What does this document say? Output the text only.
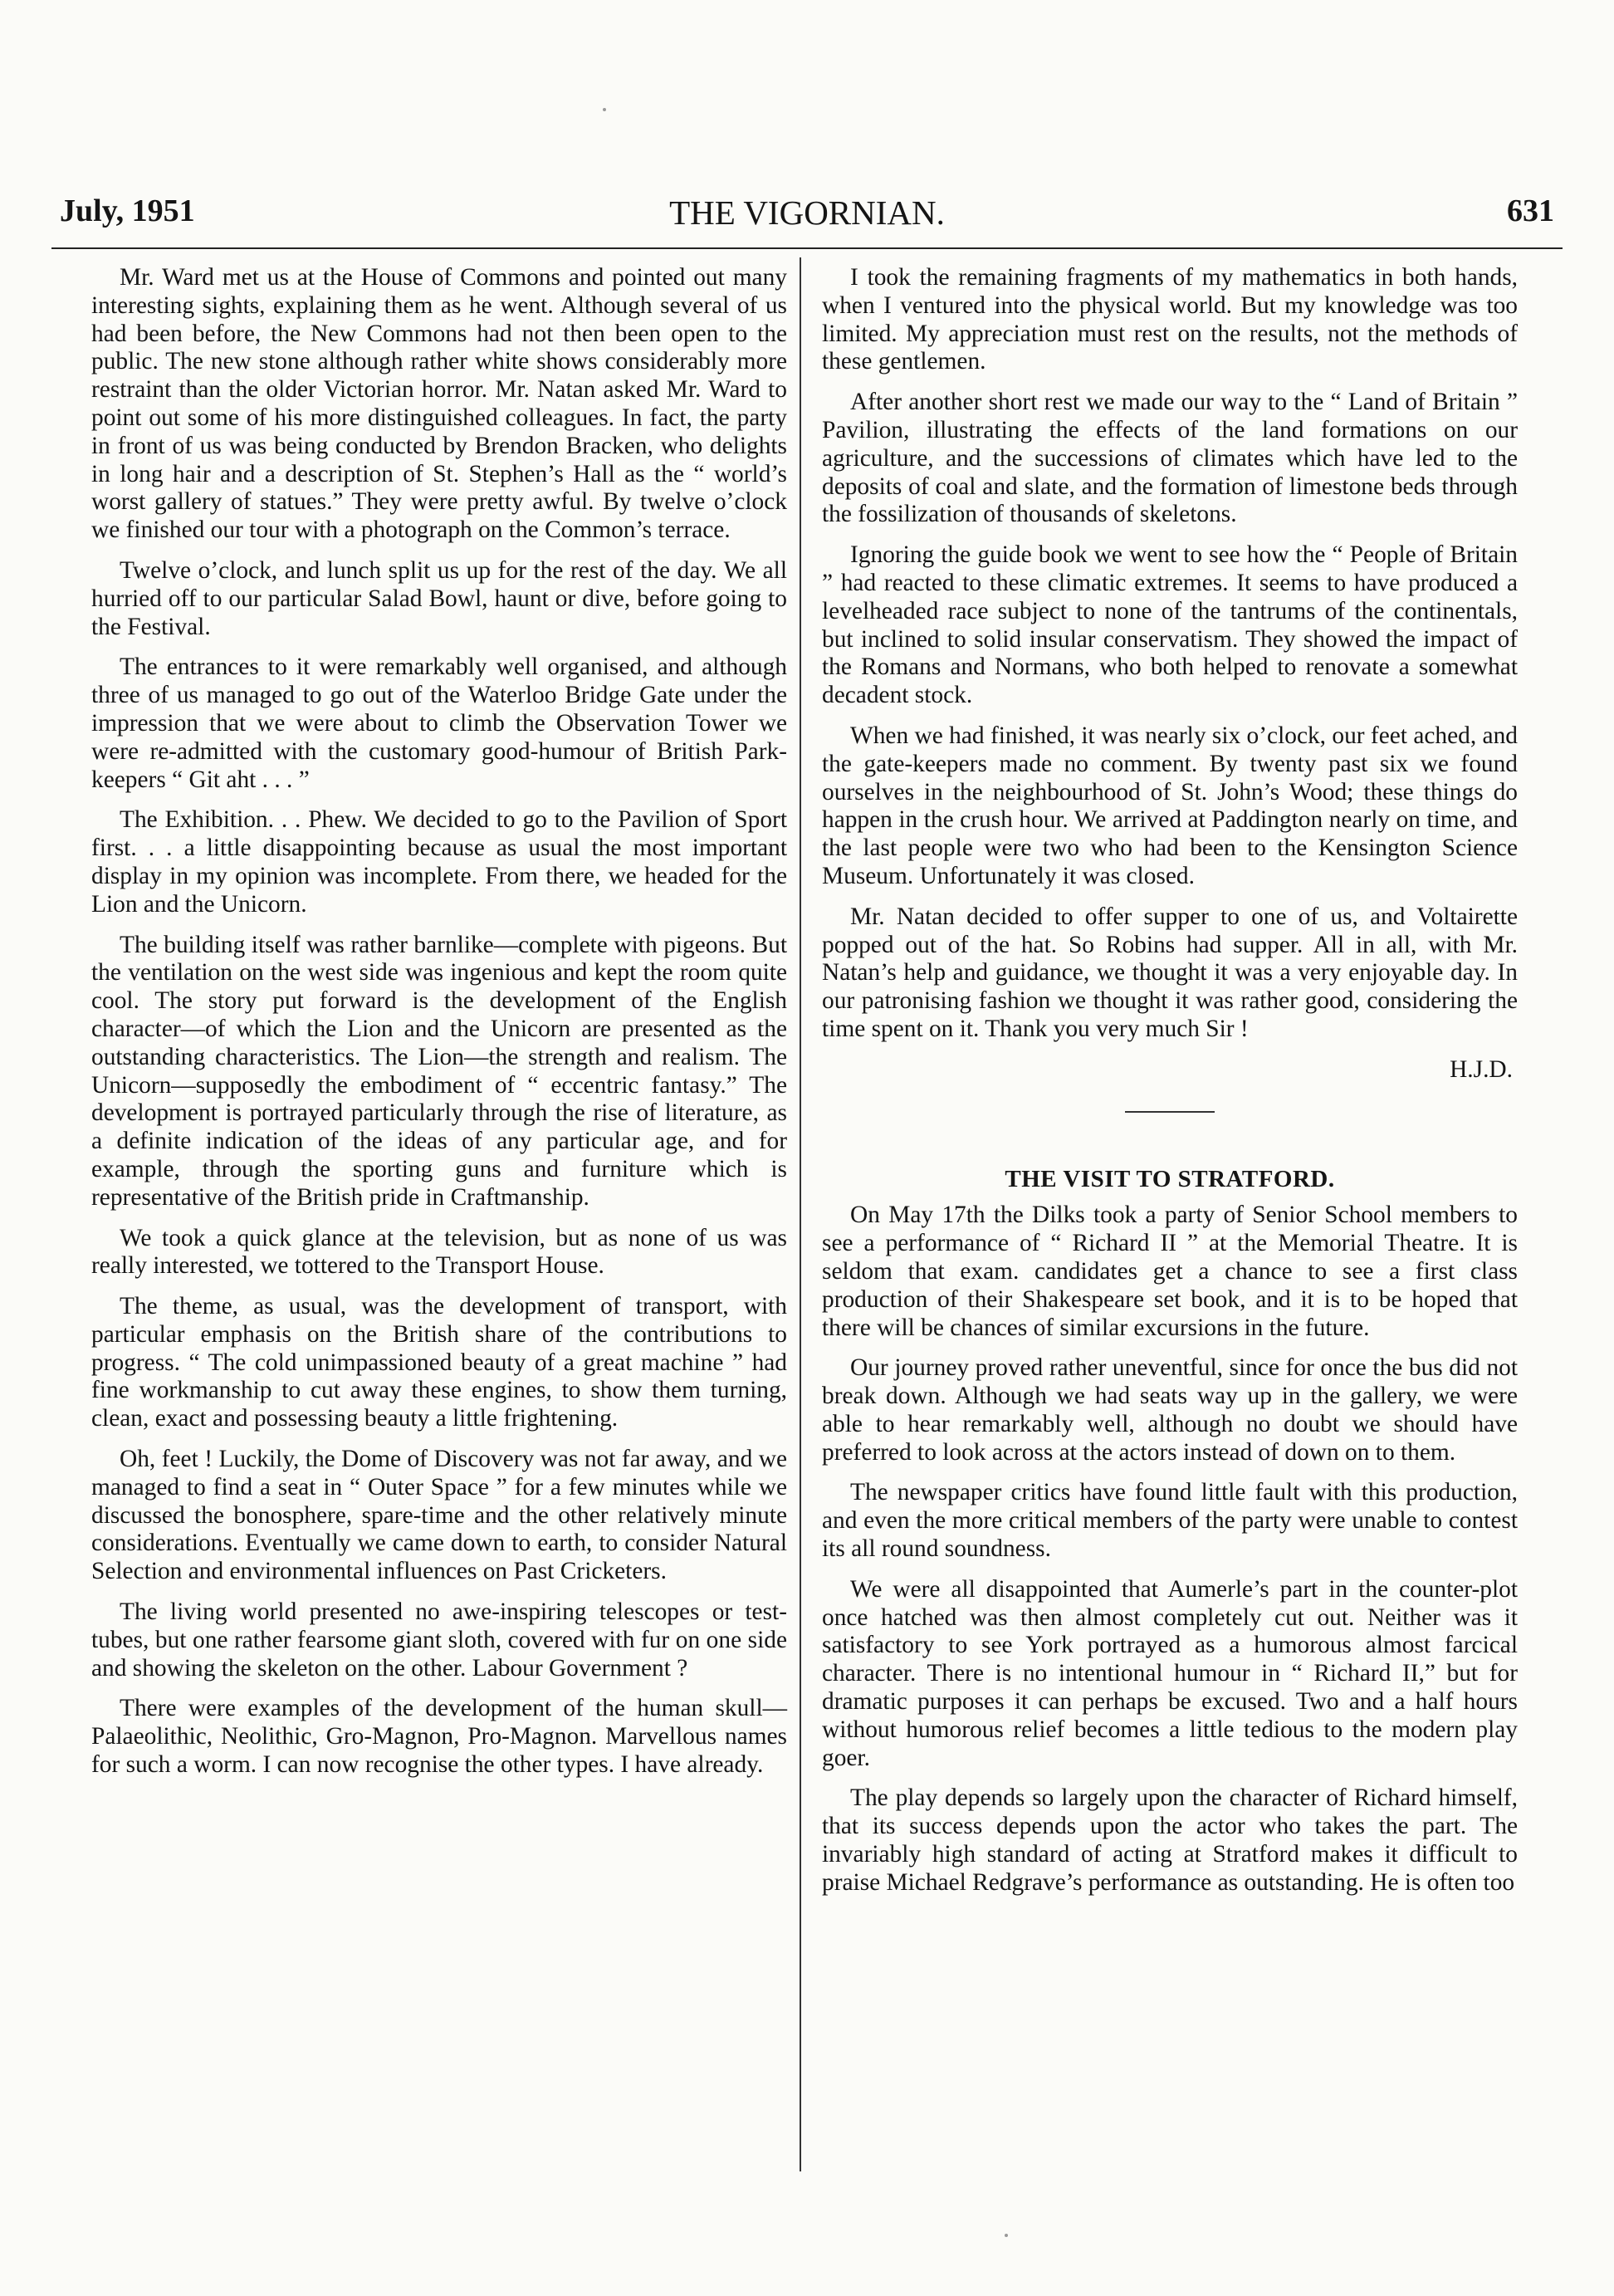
July, 1951	THE VIGORNIAN.	631

Mr. Ward met us at the House of Commons and pointed out many interesting sights, explaining them as he went. Although several of us had been before, the New Commons had not then been open to the public. The new stone although rather white shows considerably more restraint than the older Victorian horror. Mr. Natan asked Mr. Ward to point out some of his more distinguished colleagues. In fact, the party in front of us was being conducted by Brendon Bracken, who delights in long hair and a description of St. Stephen’s Hall as the “ world’s worst gallery of statues.” They were pretty awful. By twelve o’clock we finished our tour with a photograph on the Common’s terrace.

Twelve o’clock, and lunch split us up for the rest of the day. We all hurried off to our particular Salad Bowl, haunt or dive, before going to the Festival.

The entrances to it were remarkably well organised, and although three of us managed to go out of the Waterloo Bridge Gate under the impression that we were about to climb the Observation Tower we were re-admitted with the customary good-humour of British Park-keepers “ Git aht . . . ”

The Exhibition. . . Phew. We decided to go to the Pavilion of Sport first. . . a little disappointing because as usual the most important display in my opinion was incomplete. From there, we headed for the Lion and the Unicorn.

The building itself was rather barnlike—complete with pigeons. But the ventilation on the west side was ingenious and kept the room quite cool. The story put forward is the development of the English character—of which the Lion and the Unicorn are presented as the outstanding characteristics. The Lion—the strength and realism. The Unicorn—supposedly the embodiment of “ eccentric fantasy.” The development is portrayed particularly through the rise of literature, as a definite indication of the ideas of any particular age, and for example, through the sporting guns and furniture which is representative of the British pride in Craftmanship.

We took a quick glance at the television, but as none of us was really interested, we tottered to the Transport House.

The theme, as usual, was the development of transport, with particular emphasis on the British share of the contributions to progress. “ The cold unimpassioned beauty of a great machine ” had fine workmanship to cut away these engines, to show them turning, clean, exact and possessing beauty a little frightening.

Oh, feet ! Luckily, the Dome of Discovery was not far away, and we managed to find a seat in “ Outer Space ” for a few minutes while we discussed the bonosphere, spare-time and the other relatively minute considerations. Eventually we came down to earth, to consider Natural Selection and environmental influences on Past Cricketers.

The living world presented no awe-inspiring telescopes or test-tubes, but one rather fearsome giant sloth, covered with fur on one side and showing the skeleton on the other. Labour Government ?

There were examples of the development of the human skull—Palaeolithic, Neolithic, Gro-Magnon, Pro-Magnon. Marvellous names for such a worm. I can now recognise the other types. I have already.

I took the remaining fragments of my mathematics in both hands, when I ventured into the physical world. But my knowledge was too limited. My appreciation must rest on the results, not the methods of these gentlemen.

After another short rest we made our way to the “ Land of Britain ” Pavilion, illustrating the effects of the land formations on our agriculture, and the successions of climates which have led to the deposits of coal and slate, and the formation of limestone beds through the fossilization of thousands of skeletons.

Ignoring the guide book we went to see how the “ People of Britain ” had reacted to these climatic extremes. It seems to have produced a levelheaded race subject to none of the tantrums of the continentals, but inclined to solid insular conservatism. They showed the impact of the Romans and Normans, who both helped to renovate a somewhat decadent stock.

When we had finished, it was nearly six o’clock, our feet ached, and the gate-keepers made no comment. By twenty past six we found ourselves in the neighbourhood of St. John’s Wood; these things do happen in the crush hour. We arrived at Paddington nearly on time, and the last people were two who had been to the Kensington Science Museum. Unfortunately it was closed.

Mr. Natan decided to offer supper to one of us, and Voltairette popped out of the hat. So Robins had supper. All in all, with Mr. Natan’s help and guidance, we thought it was a very enjoyable day. In our patronising fashion we thought it was rather good, considering the time spent on it. Thank you very much Sir !

H.J.D.
THE VISIT TO STRATFORD.

On May 17th the Dilks took a party of Senior School members to see a performance of “ Richard II ” at the Memorial Theatre. It is seldom that exam. candidates get a chance to see a first class production of their Shakespeare set book, and it is to be hoped that there will be chances of similar excursions in the future.

Our journey proved rather uneventful, since for once the bus did not break down. Although we had seats way up in the gallery, we were able to hear remarkably well, although no doubt we should have preferred to look across at the actors instead of down on to them.

The newspaper critics have found little fault with this production, and even the more critical members of the party were unable to contest its all round soundness.

We were all disappointed that Aumerle’s part in the counter-plot once hatched was then almost completely cut out. Neither was it satisfactory to see York portrayed as a humorous almost farcical character. There is no intentional humour in “ Richard II,” but for dramatic purposes it can perhaps be excused. Two and a half hours without humorous relief becomes a little tedious to the modern play goer.

The play depends so largely upon the character of Richard himself, that its success depends upon the actor who takes the part. The invariably high standard of acting at Stratford makes it difficult to praise Michael Redgrave’s performance as outstanding. He is often too
